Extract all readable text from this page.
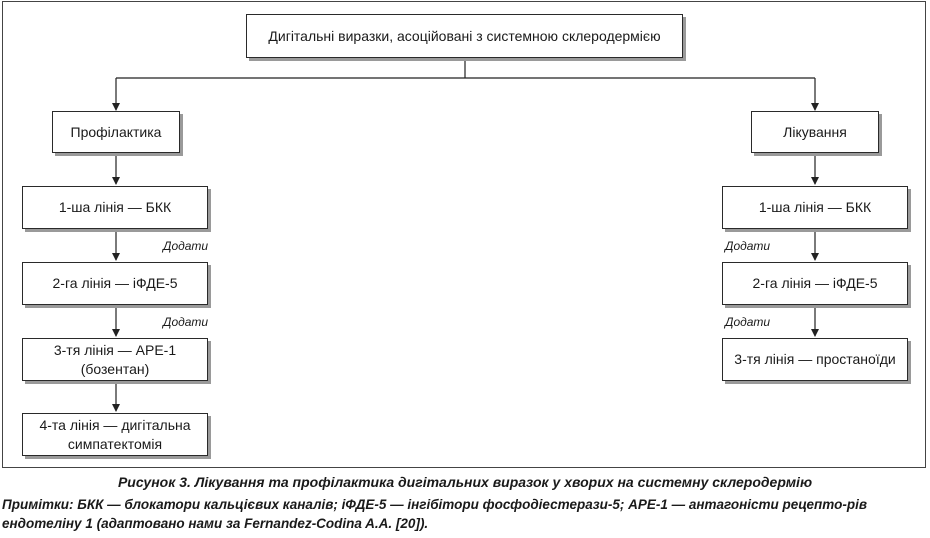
Дигітальні виразки, асоційовані з системною склеродермією
Профілактика
1-ша лінія — БКК
Додати
2-га лінія — іФДЕ-5
Додати
3-тя лінія — АРЕ-1 (бозентан)
4-та лінія — дигітальна симпатектомія
Лікування
1-ша лінія — БКК
Додати
2-га лінія — іФДЕ-5
Додати
3-тя лінія — простаноїди
Рисунок 3. Лікування та профілактика дигітальних виразок у хворих на системну склеродермію
Примітки: БКК — блокатори кальцієвих каналів; іФДЕ-5 — інгібітори фосфодіестерази-5; АРЕ-1 — антагоністи рецепто-рів ендотеліну 1 (адаптовано нами за Fernandez-Codina A.A. [20]).
